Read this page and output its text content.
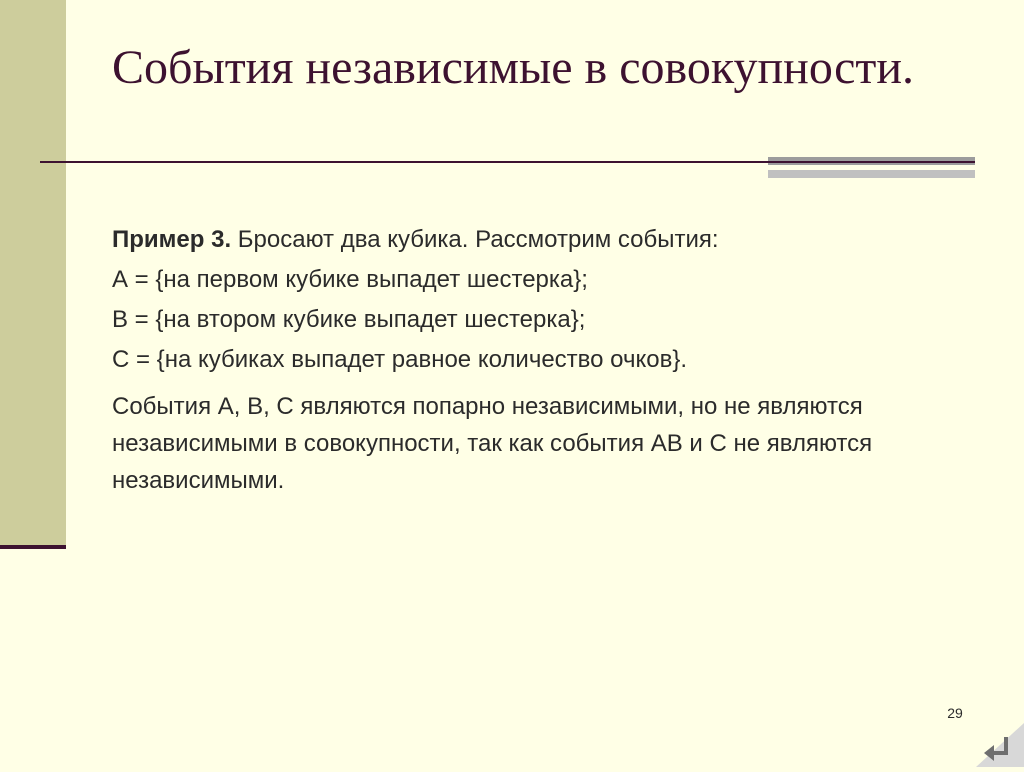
События независимые в совокупности.

Пример 3. Бросают два кубика. Рассмотрим события:

А = {на первом кубике выпадет шестерка};

В = {на втором кубике выпадет шестерка};

С = {на кубиках выпадет равное количество очков}.

События А, В, С являются попарно независимыми, но не являются независимыми в совокупности, так как события АВ и С не являются независимыми.

29
